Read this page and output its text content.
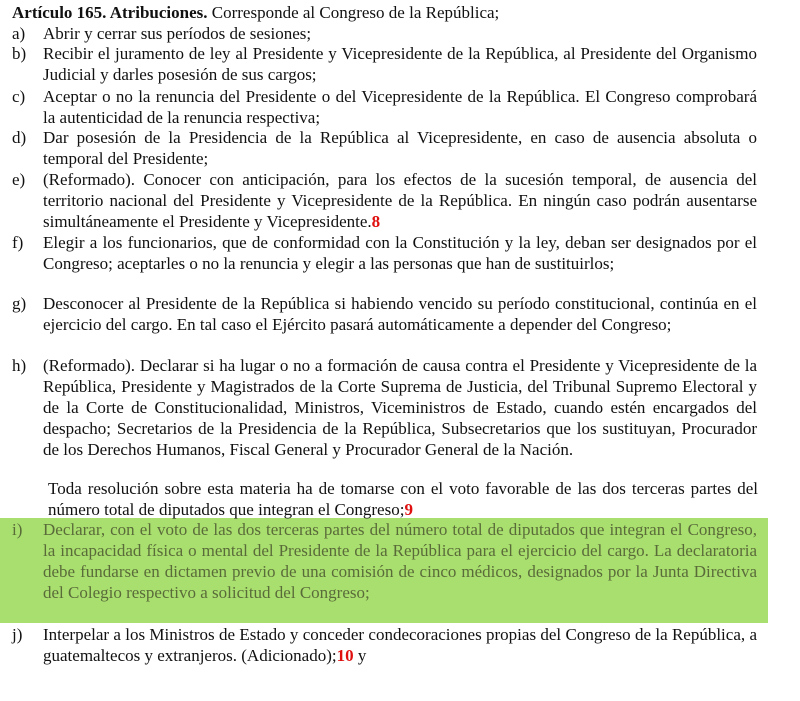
Artículo 165. Atribuciones. Corresponde al Congreso de la República;
a)	Abrir y cerrar sus períodos de sesiones;
b) Recibir el juramento de ley al Presidente y Vicepresidente de la República, al Presidente del Organismo Judicial y darles posesión de sus cargos;
c)	Aceptar o no la renuncia del Presidente o del Vicepresidente de la República. El Congreso comprobará la autenticidad de la renuncia respectiva;
d) Dar posesión de la Presidencia de la República al Vicepresidente, en caso de ausencia absoluta o temporal del Presidente;
e)	(Reformado). Conocer con anticipación, para los efectos de la sucesión temporal, de ausencia del territorio nacional del Presidente y Vicepresidente de la República. En ningún caso podrán ausentarse simultáneamente el Presidente y Vicepresidente.8
f)	Elegir a los funcionarios, que de conformidad con la Constitución y la ley, deban ser designados por el Congreso; aceptarles o no la renuncia y elegir a las personas que han de sustituirlos;
g) Desconocer al Presidente de la República si habiendo vencido su período constitucional, continúa en el ejercicio del cargo. En tal caso el Ejército pasará automáticamente a depender del Congreso;
h) (Reformado). Declarar si ha lugar o no a formación de causa contra el Presidente y Vicepresidente de la República, Presidente y Magistrados de la Corte Suprema de Justicia, del Tribunal Supremo Electoral y de la Corte de Constitucionalidad, Ministros, Viceministros de Estado, cuando estén encargados del despacho; Secretarios de la Presidencia de la República, Subsecretarios que los sustituyan, Procurador de los Derechos Humanos, Fiscal General y Procurador General de la Nación.
Toda resolución sobre esta materia ha de tomarse con el voto favorable de las dos terceras partes del número total de diputados que integran el Congreso;9
i)	Declarar, con el voto de las dos terceras partes del número total de diputados que integran el Congreso, la incapacidad física o mental del Presidente de la República para el ejercicio del cargo. La declaratoria debe fundarse en dictamen previo de una comisión de cinco médicos, designados por la Junta Directiva del Colegio respectivo a solicitud del Congreso;
j)	Interpelar a los Ministros de Estado y conceder condecoraciones propias del Congreso de la República, a guatemaltecos y extranjeros. (Adicionado);10 y
